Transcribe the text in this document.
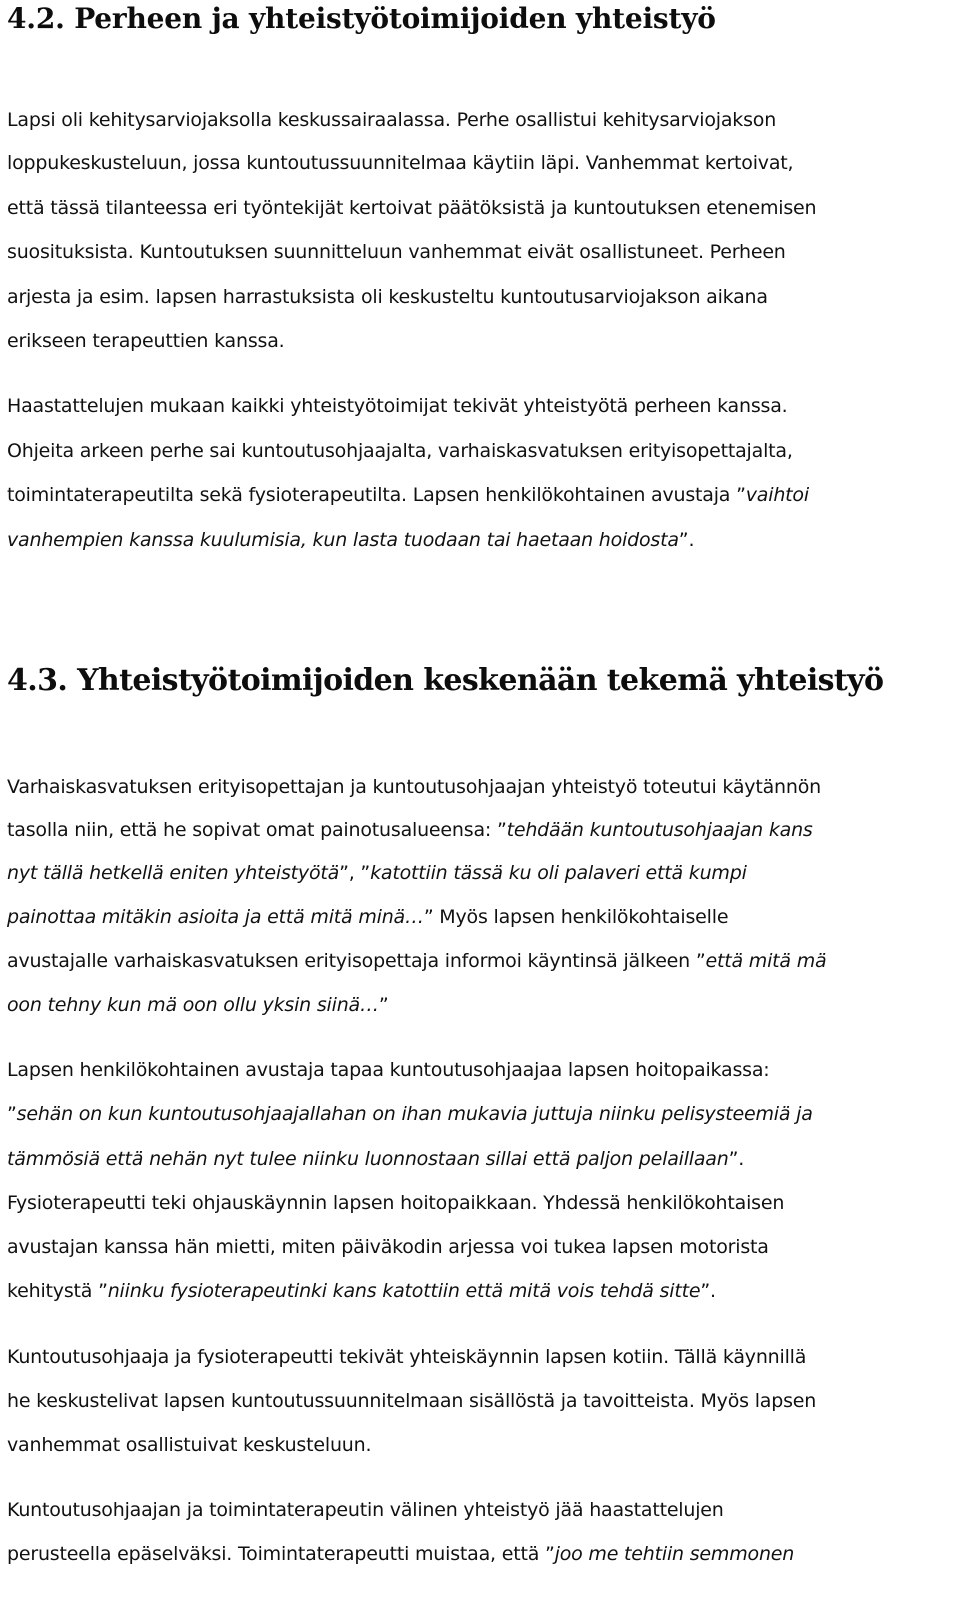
4.2. Perheen ja yhteistyötoimijoiden yhteistyö
Lapsi oli kehitysarviojaksolla keskussairaalassa. Perhe osallistui kehitysarviojakson
loppukeskusteluun, jossa kuntoutussuunnitelmaa käytiin läpi. Vanhemmat kertoivat,
että tässä tilanteessa eri työntekijät kertoivat päätöksistä ja kuntoutuksen etenemisen
suosituksista. Kuntoutuksen suunnitteluun vanhemmat eivät osallistuneet. Perheen
arjesta ja esim. lapsen harrastuksista oli keskusteltu kuntoutusarviojakson aikana
erikseen terapeuttien kanssa.
Haastattelujen mukaan kaikki yhteistyötoimijat tekivät yhteistyötä perheen kanssa.
Ohjeita arkeen perhe sai kuntoutusohjaajalta, varhaiskasvatuksen erityisopettajalta,
toimintaterapeutilta sekä fysioterapeutilta. Lapsen henkilökohtainen avustaja ”vaihtoi
vanhempien kanssa kuulumisia, kun lasta tuodaan tai haetaan hoidosta”.
4.3. Yhteistyötoimijoiden keskenään tekemä yhteistyö
Varhaiskasvatuksen erityisopettajan ja kuntoutusohjaajan yhteistyö toteutui käytännön
tasolla niin, että he sopivat omat painotusalueensa: ”tehdään kuntoutusohjaajan kans
nyt tällä hetkellä eniten yhteistyötä”, ”katottiin tässä ku oli palaveri että kumpi
painottaa mitäkin asioita ja että mitä minä…” Myös lapsen henkilökohtaiselle
avustajalle varhaiskasvatuksen erityisopettaja informoi käyntinsä jälkeen ”että mitä mä
oon tehny kun mä oon ollu yksin siinä…”
Lapsen henkilökohtainen avustaja tapaa kuntoutusohjaajaa lapsen hoitopaikassa:
”sehän on kun kuntoutusohjaajallahan on ihan mukavia juttuja niinku pelisysteemiä ja
tämmösiä että nehän nyt tulee niinku luonnostaan sillai että paljon pelaillaan”.
Fysioterapeutti teki ohjauskäynnin lapsen hoitopaikkaan. Yhdessä henkilökohtaisen
avustajan kanssa hän mietti, miten päiväkodin arjessa voi tukea lapsen motorista
kehitystä ”niinku fysioterapeutinki kans katottiin että mitä vois tehdä sitte”.
Kuntoutusohjaaja ja fysioterapeutti tekivät yhteiskäynnin lapsen kotiin. Tällä käynnillä
he keskustelivat lapsen kuntoutussuunnitelmaan sisällöstä ja tavoitteista. Myös lapsen
vanhemmat osallistuivat keskusteluun.
Kuntoutusohjaajan ja toimintaterapeutin välinen yhteistyö jää haastattelujen
perusteella epäselväksi. Toimintaterapeutti muistaa, että ”joo me tehtiin semmonen
